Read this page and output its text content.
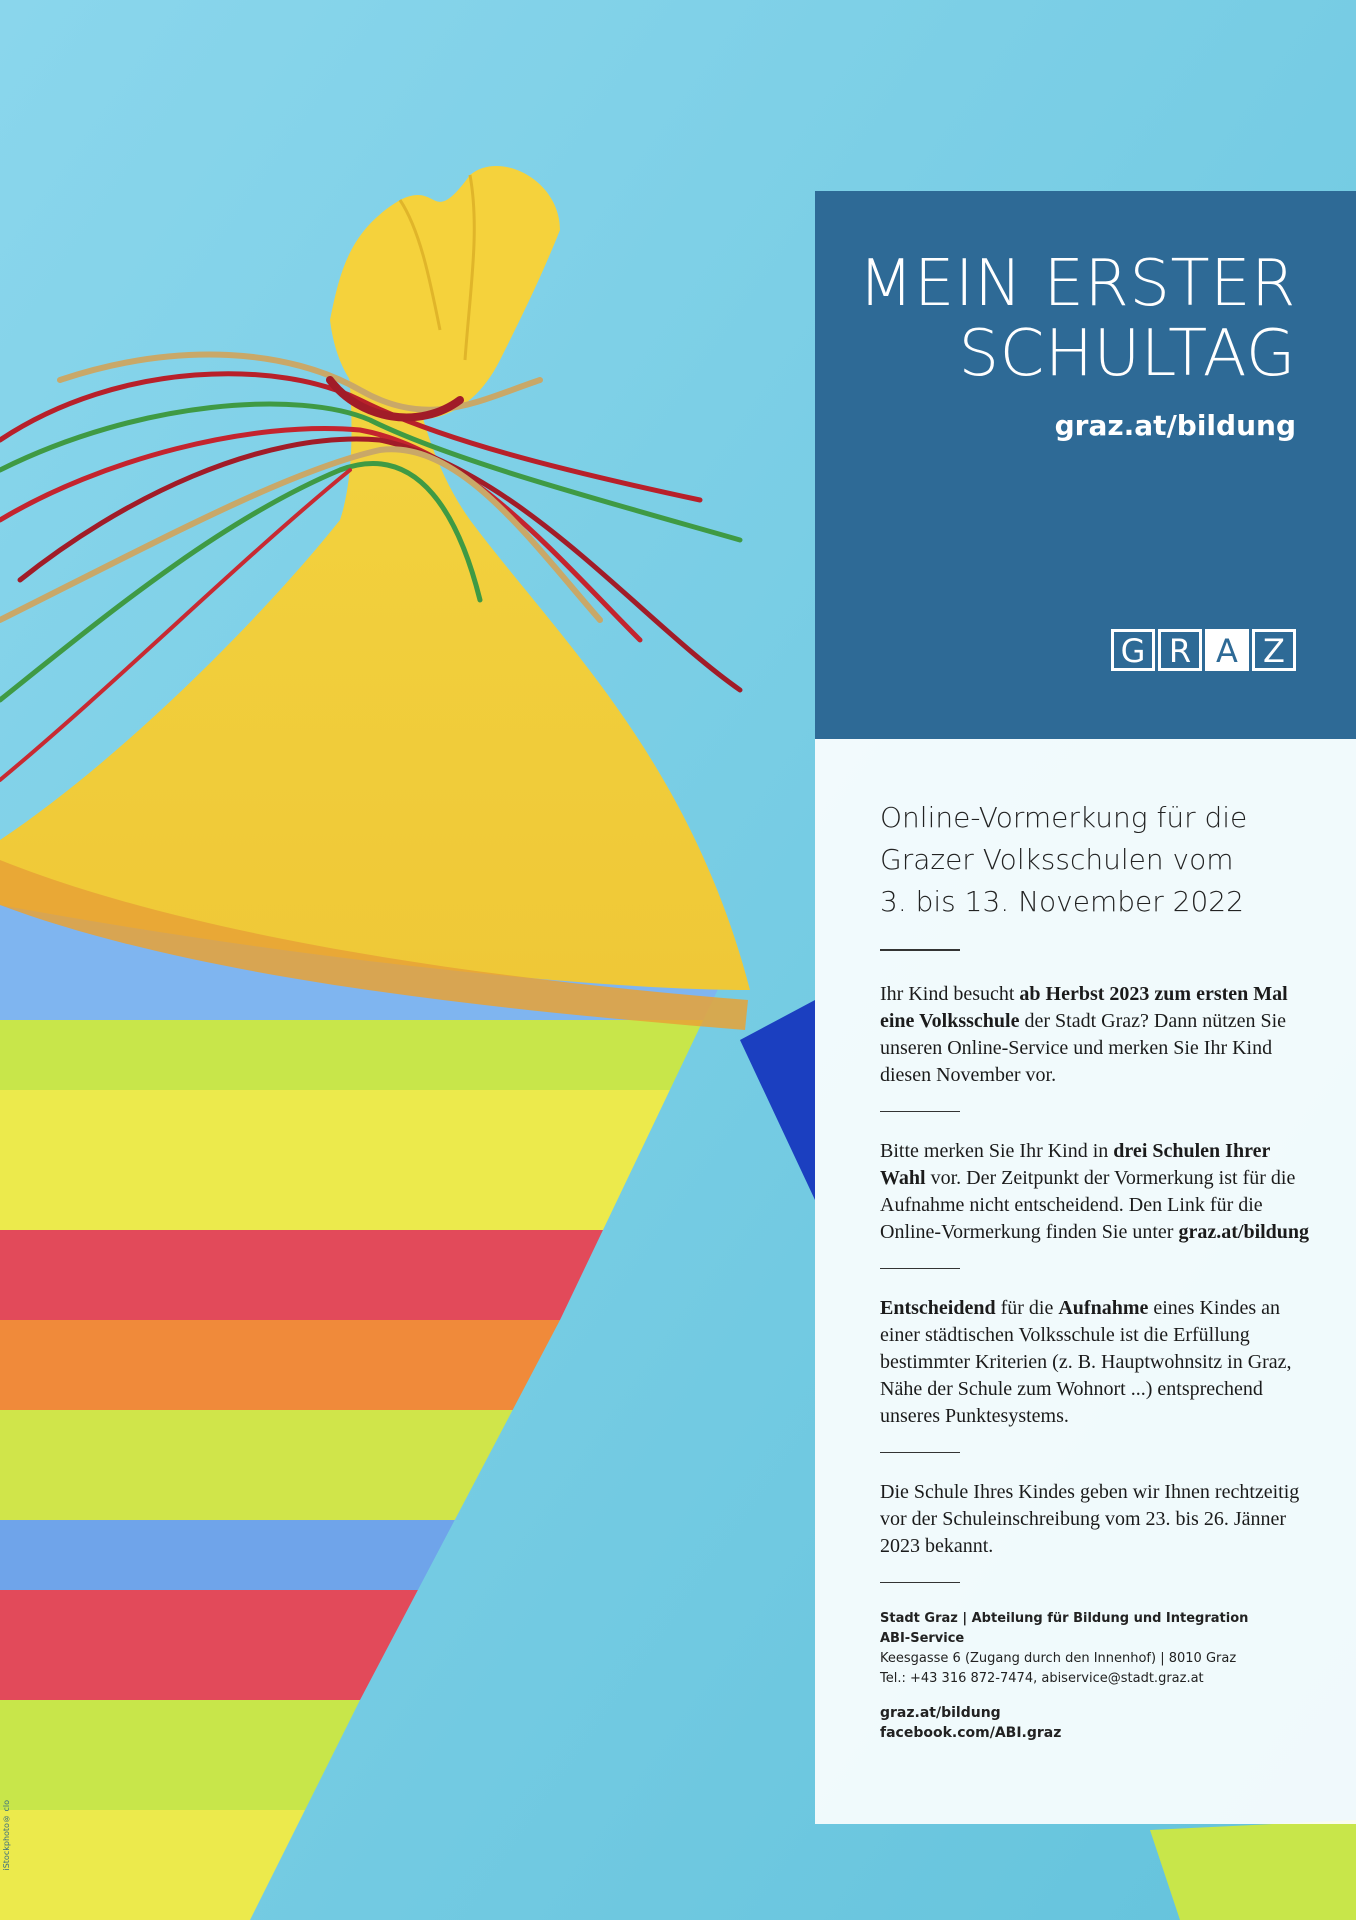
iStockphoto® clo
MEIN ERSTER
SCHULTAG
graz.at/bildung
G R A Z
Online-Vormerkung für die
Grazer Volksschulen vom
3. bis 13. November 2022

Ihr Kind besucht ab Herbst 2023 zum ersten Mal eine Volksschule der Stadt Graz? Dann nützen Sie unseren Online-Service und merken Sie Ihr Kind diesen November vor.

Bitte merken Sie Ihr Kind in drei Schulen Ihrer Wahl vor. Der Zeitpunkt der Vormerkung ist für die Aufnahme nicht entscheidend. Den Link für die Online-Vormerkung finden Sie unter graz.at/bildung

Entscheidend für die Aufnahme eines Kindes an einer städtischen Volksschule ist die Erfüllung bestimmter Kriterien (z. B. Hauptwohnsitz in Graz, Nähe der Schule zum Wohnort ...) entsprechend unseres Punktesystems.

Die Schule Ihres Kindes geben wir Ihnen rechtzeitig vor der Schuleinschreibung vom 23. bis 26. Jänner 2023 bekannt.

Stadt Graz | Abteilung für Bildung und Integration
ABI-Service
Keesgasse 6 (Zugang durch den Innenhof) | 8010 Graz
Tel.: +43 316 872-7474, abiservice@stadt.graz.at

graz.at/bildung
facebook.com/ABI.graz
